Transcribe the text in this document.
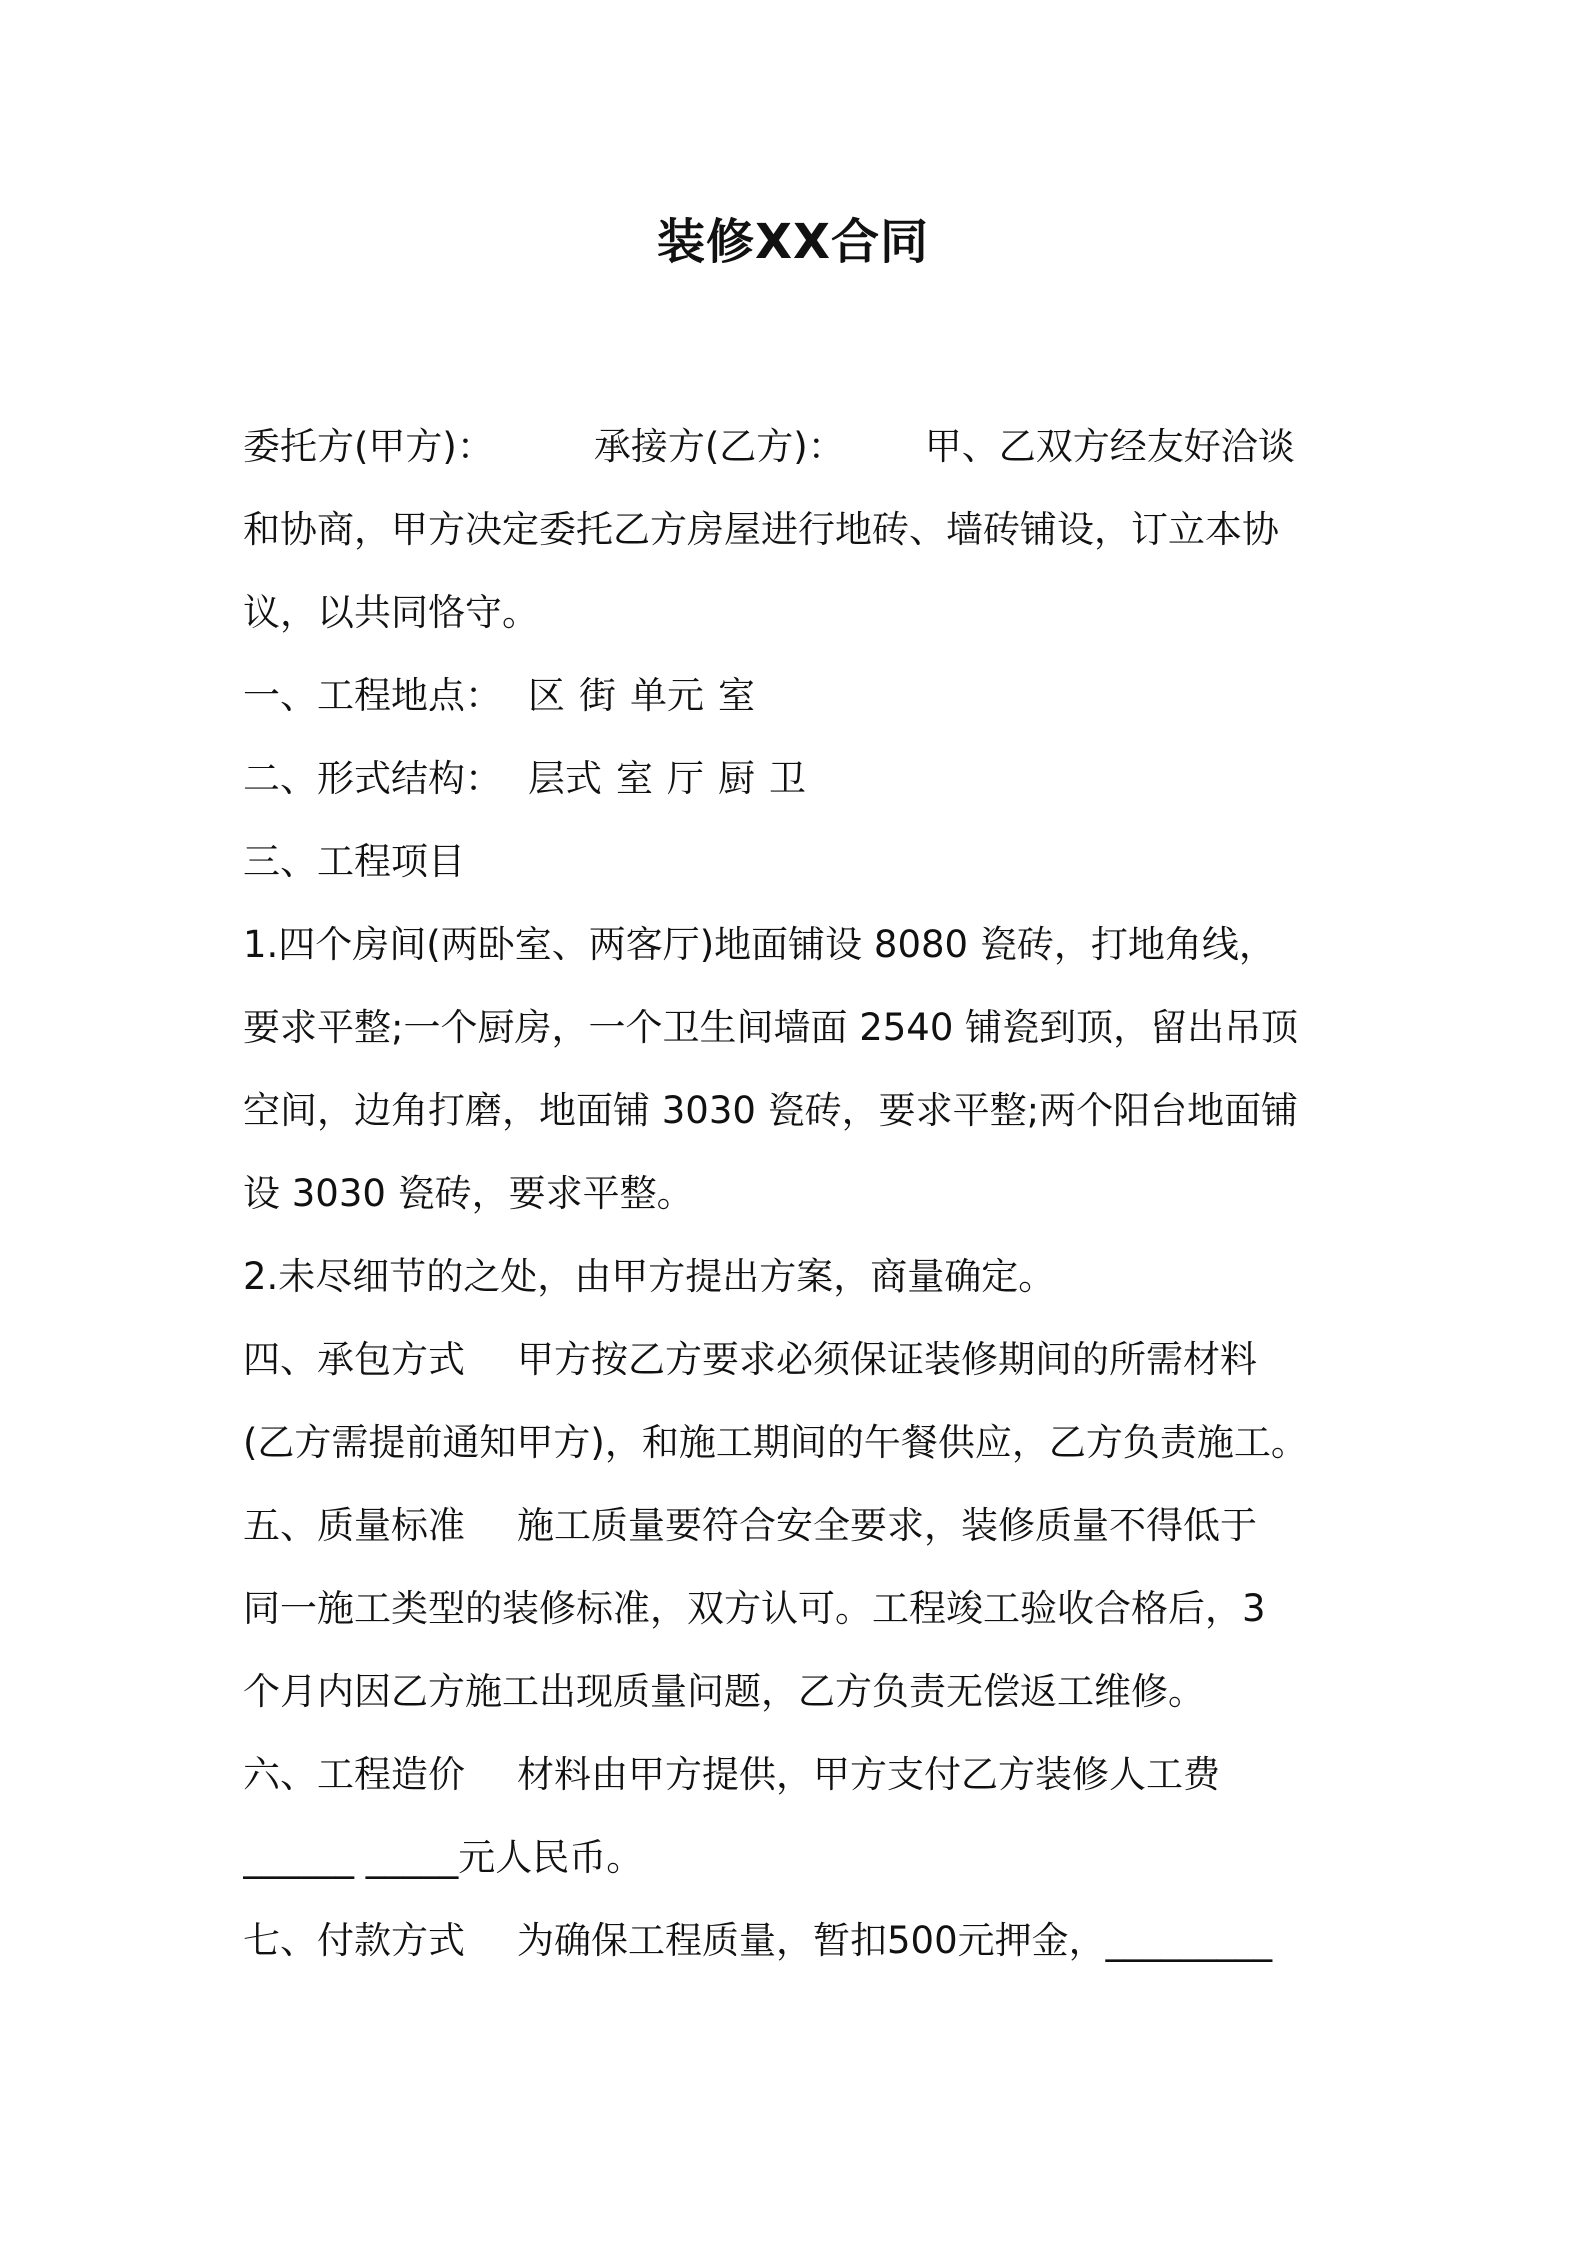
装修XX合同
委托方(甲方)：	承接方(乙方)： 甲、乙双方经友好洽谈
和协商，甲方决定委托乙方房屋进行地砖、墙砖铺设，订立本协
议，以共同恪守。
一、工程地点： 区 街 单元 室
二、形式结构： 层式 室 厅 厨 卫
三、工程项目
1.四个房间(两卧室、两客厅)地面铺设 8080 瓷砖，打地角线，
要求平整;一个厨房，一个卫生间墙面 2540 铺瓷到顶，留出吊顶
空间，边角打磨，地面铺 3030 瓷砖，要求平整;两个阳台地面铺
设 3030 瓷砖，要求平整。
2.未尽细节的之处，由甲方提出方案，商量确定。
四、承包方式 甲方按乙方要求必须保证装修期间的所需材料
(乙方需提前通知甲方)，和施工期间的午餐供应，乙方负责施工。
五、质量标准 施工质量要符合安全要求，装修质量不得低于
同一施工类型的装修标准，双方认可。工程竣工验收合格后，3
个月内因乙方施工出现质量问题，乙方负责无偿返工维修。
六、工程造价 材料由甲方提供，甲方支付乙方装修人工费
______ _____元人民币。
七、付款方式 为确保工程质量，暂扣500元押金，_________
